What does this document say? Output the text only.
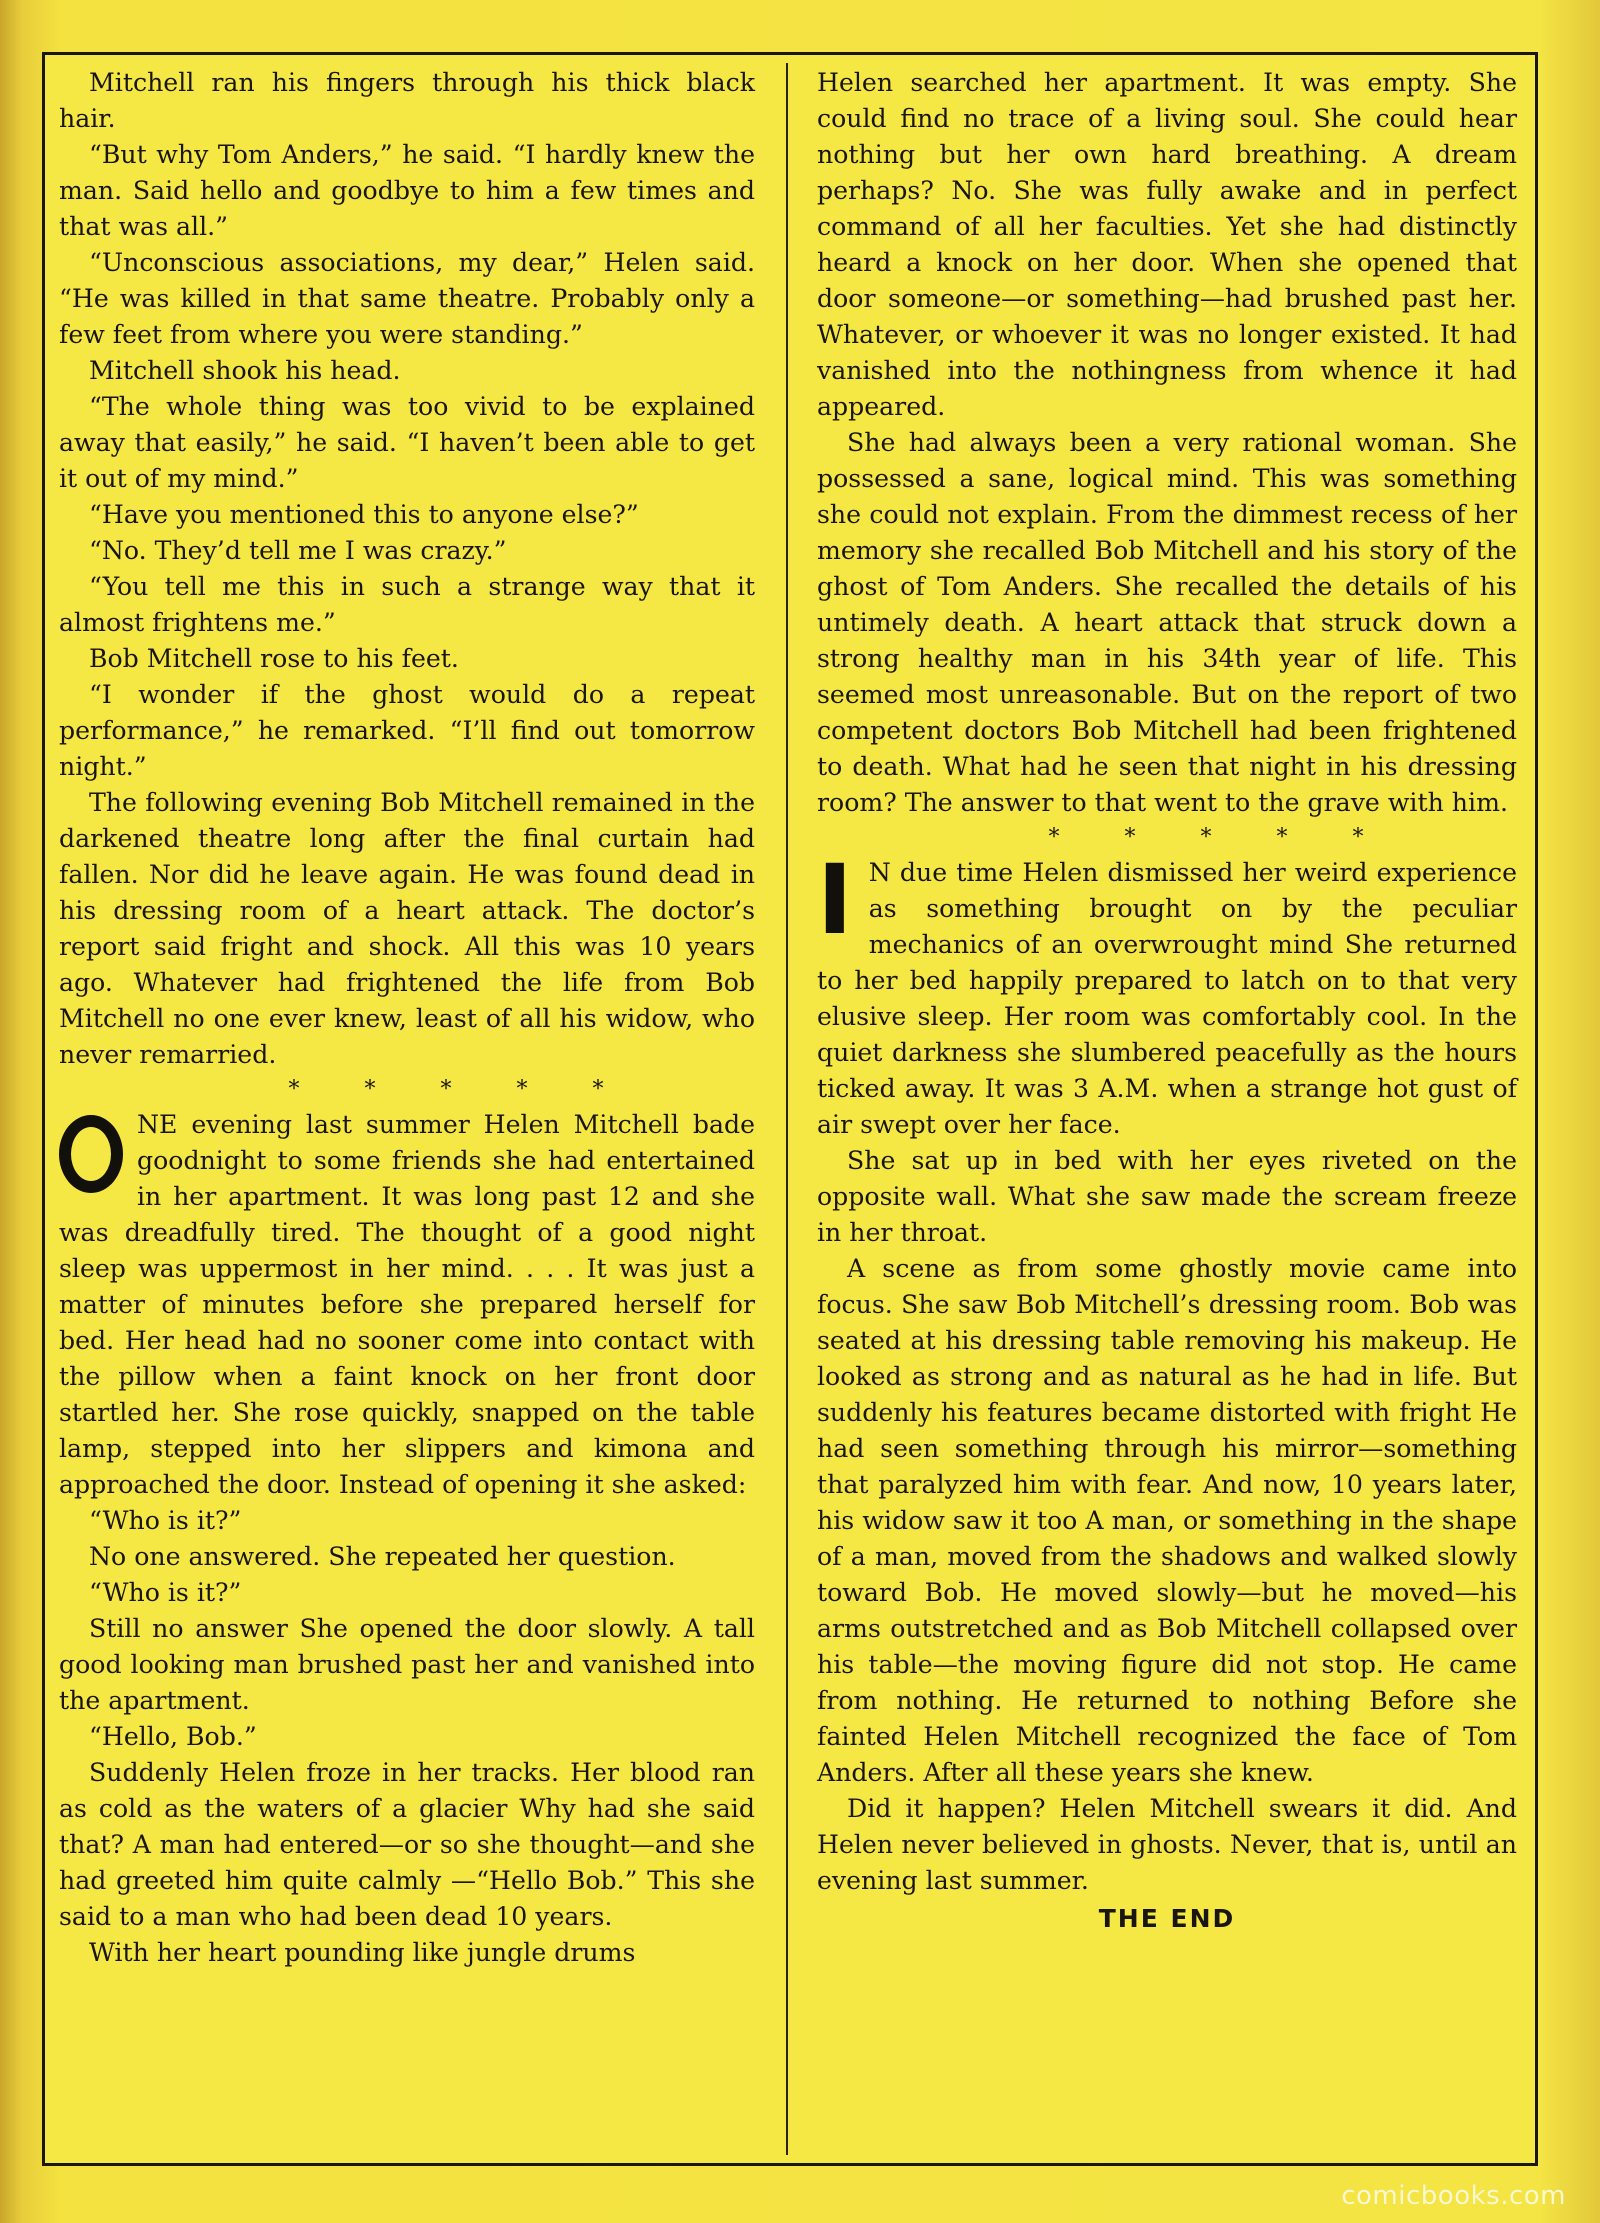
Mitchell ran his fingers through his thick black hair.

“But why Tom Anders,” he said. “I hardly knew the man. Said hello and goodbye to him a few times and that was all.”

“Unconscious associations, my dear,” Helen said. “He was killed in that same theatre. Probably only a few feet from where you were standing.”

Mitchell shook his head.

“The whole thing was too vivid to be explained away that easily,” he said. “I haven’t been able to get it out of my mind.”

“Have you mentioned this to anyone else?”

“No. They’d tell me I was crazy.”

“You tell me this in such a strange way that it almost frightens me.”

Bob Mitchell rose to his feet.

“I wonder if the ghost would do a repeat performance,” he remarked. “I’ll find out tomorrow night.”

The following evening Bob Mitchell remained in the darkened theatre long after the final curtain had fallen. Nor did he leave again. He was found dead in his dressing room of a heart attack. The doctor’s report said fright and shock. All this was 10 years ago. Whatever had frightened the life from Bob Mitchell no one ever knew, least of all his widow, who never remarried.

*	*	*	*	*

NE evening last summer Helen Mitchell bade goodnight to some friends she had entertained in her apartment. It was long past 12 and she was dreadfully tired. The thought of a good night sleep was uppermost in her mind. . . . It was just a matter of minutes before she prepared herself for bed. Her head had no sooner come into contact with the pillow when a faint knock on her front door startled her. She rose quickly, snapped on the table lamp, stepped into her slippers and kimona and approached the door. Instead of opening it she asked:

“Who is it?”

No one answered. She repeated her question.

“Who is it?”

Still no answer She opened the door slowly. A tall good looking man brushed past her and vanished into the apartment.

“Hello, Bob.”

Suddenly Helen froze in her tracks. Her blood ran as cold as the waters of a glacier Why had she said that? A man had entered—or so she thought—and she had greeted him quite calmly —“Hello Bob.” This she said to a man who had been dead 10 years.

With her heart pounding like jungle drums

Helen searched her apartment. It was empty. She could find no trace of a living soul. She could hear nothing but her own hard breathing. A dream perhaps? No. She was fully awake and in perfect command of all her faculties. Yet she had distinctly heard a knock on her door. When she opened that door someone—or something—had brushed past her. Whatever, or whoever it was no longer existed. It had vanished into the nothingness from whence it had appeared.

She had always been a very rational woman. She possessed a sane, logical mind. This was something she could not explain. From the dimmest recess of her memory she recalled Bob Mitchell and his story of the ghost of Tom Anders. She recalled the details of his untimely death. A heart attack that struck down a strong healthy man in his 34th year of life. This seemed most unreasonable. But on the report of two competent doctors Bob Mitchell had been frightened to death. What had he seen that night in his dressing room? The answer to that went to the grave with him.

*	*	*	*	*

I N due time Helen dismissed her weird experience as something brought on by the peculiar mechanics of an overwrought mind She returned to her bed happily prepared to latch on to that very elusive sleep. Her room was comfortably cool. In the quiet darkness she slumbered peacefully as the hours ticked away. It was 3 A.M. when a strange hot gust of air swept over her face.

She sat up in bed with her eyes riveted on the opposite wall. What she saw made the scream freeze in her throat.

A scene as from some ghostly movie came into focus. She saw Bob Mitchell’s dressing room. Bob was seated at his dressing table removing his makeup. He looked as strong and as natural as he had in life. But suddenly his features became distorted with fright He had seen something through his mirror—something that paralyzed him with fear. And now, 10 years later, his widow saw it too A man, or something in the shape of a man, moved from the shadows and walked slowly toward Bob. He moved slowly—but he moved—his arms outstretched and as Bob Mitchell collapsed over his table—the moving figure did not stop. He came from nothing. He returned to nothing Before she fainted Helen Mitchell recognized the face of Tom Anders. After all these years she knew.

Did it happen? Helen Mitchell swears it did. And Helen never believed in ghosts. Never, that is, until an evening last summer.

THE END
comicbooks.com
